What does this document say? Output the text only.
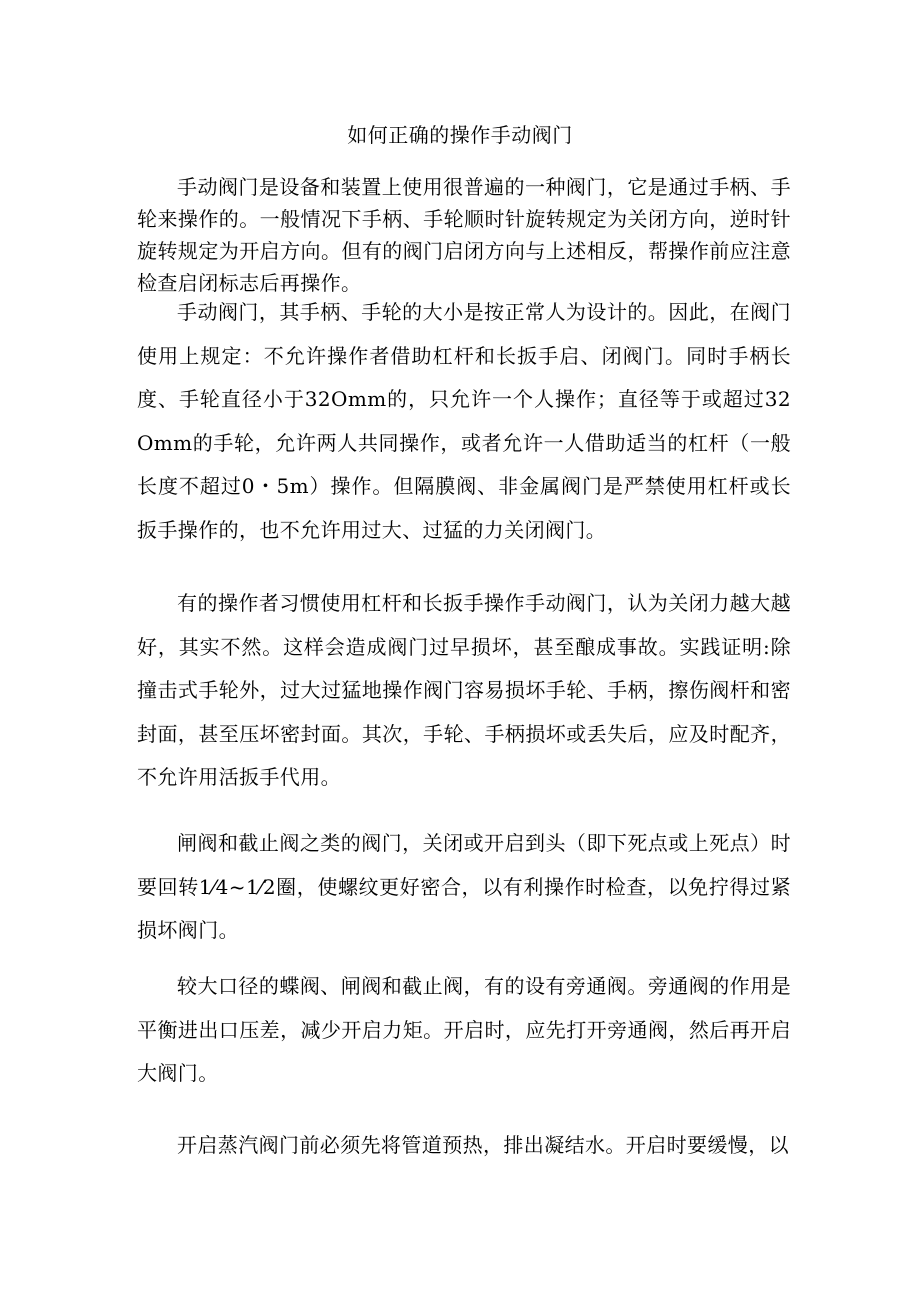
如何正确的操作手动阀门

手动阀门是设备和装置上使用很普遍的一种阀门，它是通过手柄、手轮来操作的。一般情况下手柄、手轮顺时针旋转规定为关闭方向，逆时针旋转规定为开启方向。但有的阀门启闭方向与上述相反，帮操作前应注意检查启闭标志后再操作。

手动阀门，其手柄、手轮的大小是按正常人为设计的。因此，在阀门使用上规定：不允许操作者借助杠杆和长扳手启、闭阀门。同时手柄长度、手轮直径小于32Omm的，只允许一个人操作；直径等于或超过32Omm的手轮，允许两人共同操作，或者允许一人借助适当的杠杆（一般长度不超过0・5m）操作。但隔膜阀、非金属阀门是严禁使用杠杆或长扳手操作的，也不允许用过大、过猛的力关闭阀门。

有的操作者习惯使用杠杆和长扳手操作手动阀门，认为关闭力越大越好，其实不然。这样会造成阀门过早损坏，甚至酿成事故。实践证明:除撞击式手轮外，过大过猛地操作阀门容易损坏手轮、手柄，擦伤阀杆和密封面，甚至压坏密封面。其次，手轮、手柄损坏或丢失后，应及时配齐，不允许用活扳手代用。

闸阀和截止阀之类的阀门，关闭或开启到头（即下死点或上死点）时要回转1⁄4~1⁄2圈，使螺纹更好密合，以有利操作时检查，以免拧得过紧损坏阀门。

较大口径的蝶阀、闸阀和截止阀，有的设有旁通阀。旁通阀的作用是平衡进出口压差，减少开启力矩。开启时，应先打开旁通阀，然后再开启大阀门。

开启蒸汽阀门前必须先将管道预热，排出凝结水。开启时要缓慢，以
